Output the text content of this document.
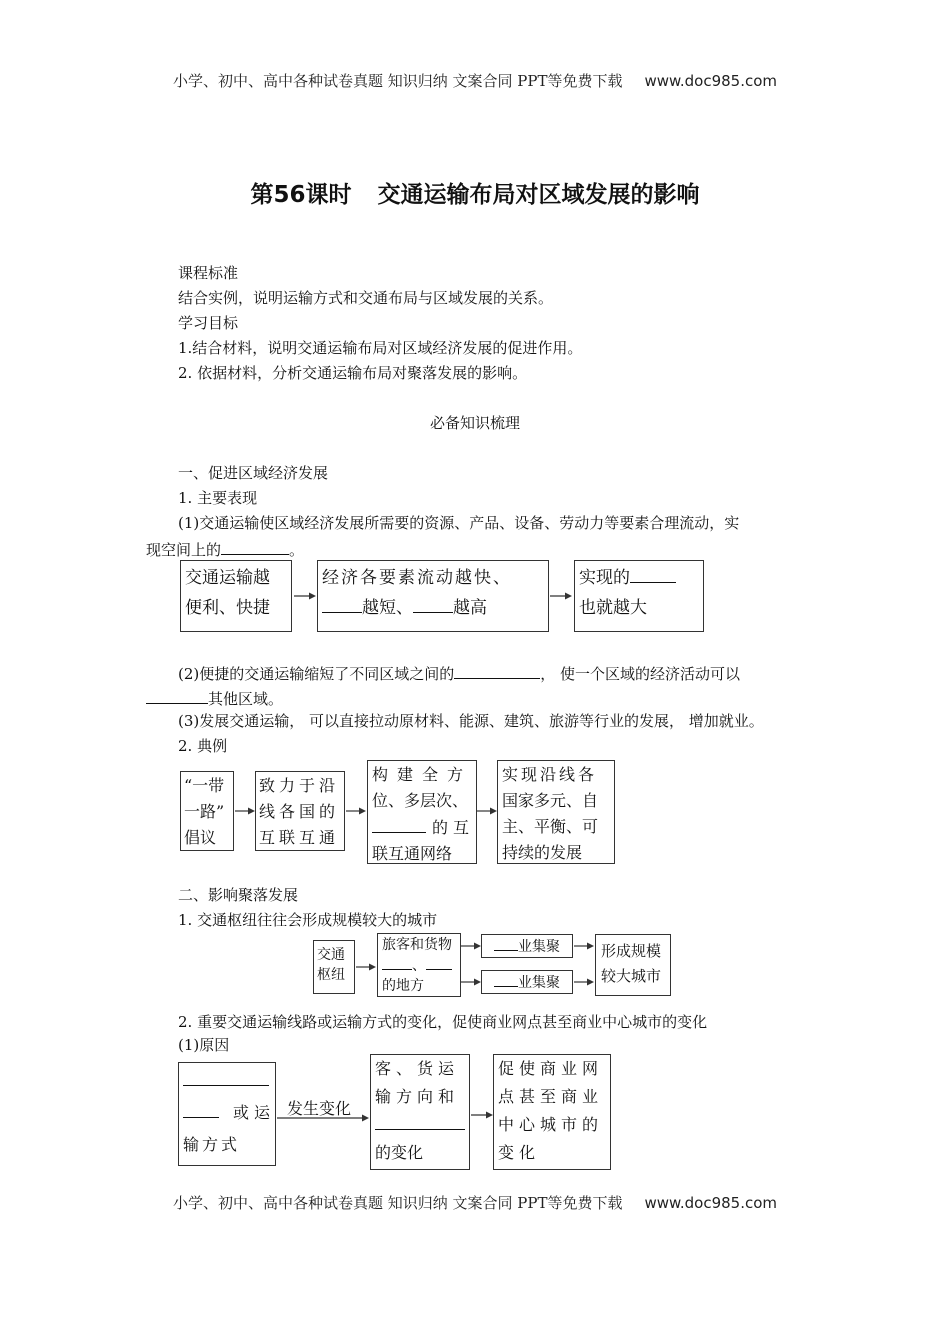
小学、初中、高中各种试卷真题 知识归纳 文案合同 PPT等免费下载 www.doc985.com
第56课时 交通运输布局对区域发展的影响
课程标准
结合实例，说明运输方式和交通布局与区域发展的关系。
学习目标
1.结合材料，说明交通运输布局对区域经济发展的促进作用。
2. 依据材料，分析交通运输布局对聚落发展的影响。
必备知识梳理
一、促进区域经济发展
1. 主要表现
(1)交通运输使区域经济发展所需要的资源、产品、设备、劳动力等要素合理流动，实
现空间上的	。
交通运输越
便利、快捷
经济各要素流动越快、
越短、 越高
实现的
也就越大
(2)便捷的交通运输缩短了不同区域之间的	， 使一个区域的经济活动可以
其他区域。
(3)发展交通运输， 可以直接拉动原材料、能源、建筑、旅游等行业的发展， 增加就业。
2. 典例
“一带
一路”
倡议
致力于沿
线各国的
互联互通
构建全方
位、多层次、
的互
联互通网络
实现沿线各
国家多元、自
主、平衡、可
持续的发展
二、影响聚落发展
1. 交通枢纽往往会形成规模较大的城市
交通
枢纽
旅客和货物
、
的地方
业集聚
业集聚
形成规模
较大城市
2. 重要交通运输线路或运输方式的变化，促使商业网点甚至商业中心城市的变化
(1)原因
或运
输方式
发生变化
客、货运
输方向和
的变化
促使商业网
点甚至商业
中心城市的
变化
小学、初中、高中各种试卷真题 知识归纳 文案合同 PPT等免费下载 www.doc985.com
